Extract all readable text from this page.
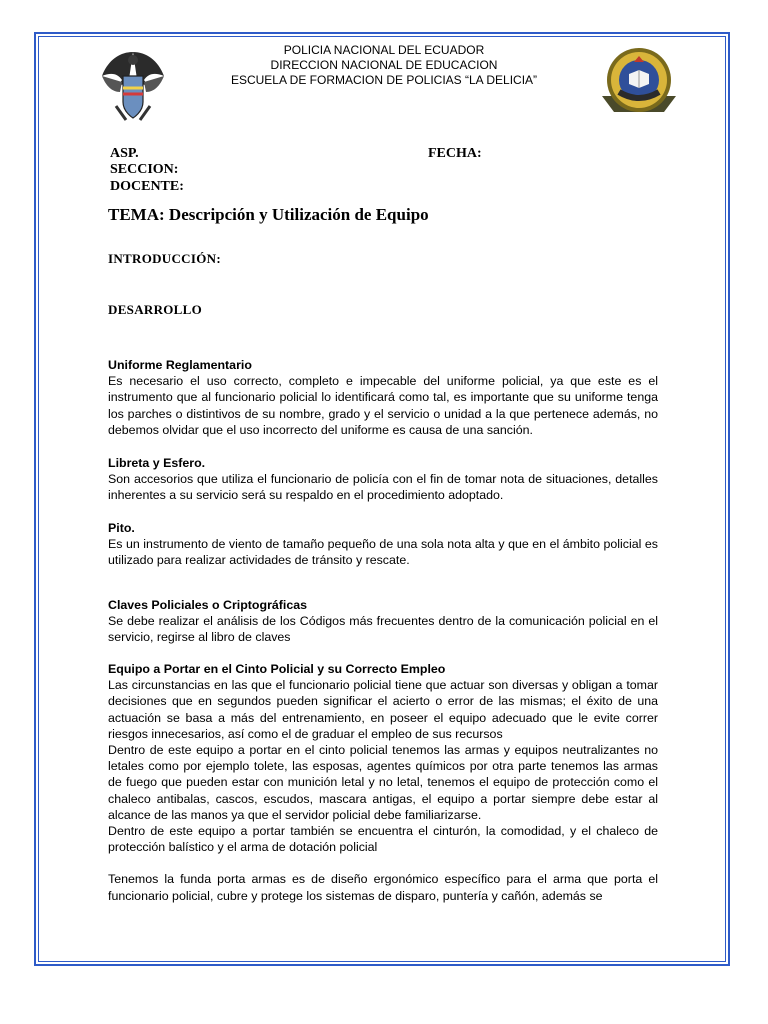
POLICIA NACIONAL DEL ECUADOR
DIRECCION NACIONAL DE EDUCACION
ESCUELA DE FORMACION DE POLICIAS “LA DELICIA”
ASP.	FECHA:
SECCION:
DOCENTE:
TEMA: Descripción y Utilización de Equipo
INTRODUCCIÓN:
DESARROLLO
Uniforme Reglamentario
Es necesario el uso correcto, completo e impecable del uniforme policial, ya que este es el instrumento que al funcionario policial lo identificará como tal, es importante que su uniforme tenga los parches o distintivos de su nombre, grado y el servicio o unidad a la que pertenece además, no debemos olvidar que el uso incorrecto del uniforme es causa de una sanción.
Libreta y Esfero.
Son accesorios que utiliza el funcionario de policía con el fin de tomar nota de situaciones, detalles inherentes a su servicio será su respaldo en el procedimiento adoptado.
Pito.
Es un instrumento de viento de tamaño pequeño de una sola nota alta y que en el ámbito policial es utilizado para realizar actividades de tránsito y rescate.
Claves Policiales o Criptográficas
Se debe realizar el análisis de los Códigos más frecuentes dentro de la comunicación policial en el servicio, regirse al libro de claves
Equipo a Portar en el Cinto Policial y su Correcto Empleo
Las circunstancias en las que el funcionario policial tiene que actuar son diversas y obligan a tomar decisiones que en segundos pueden significar el acierto o error de las mismas; el éxito de una actuación se basa a más del entrenamiento, en poseer el equipo adecuado que le evite correr riesgos innecesarios, así como el de graduar el empleo de sus recursos
Dentro de este equipo a portar en el cinto policial tenemos las armas y equipos neutralizantes no letales como por ejemplo tolete, las esposas, agentes químicos por otra parte tenemos las armas de fuego que pueden estar con munición letal y no letal, tenemos el equipo de protección como el chaleco antibalas, cascos, escudos, mascara antigas, el equipo a portar siempre debe estar al alcance de las manos ya que el servidor policial debe familiarizarse.
Dentro de este equipo a portar también se encuentra el cinturón, la comodidad, y el chaleco de protección balístico y el arma de dotación policial
Tenemos la funda porta armas es de diseño ergonómico específico para el arma que porta el funcionario policial, cubre y protege los sistemas de disparo, puntería y cañón, además se
